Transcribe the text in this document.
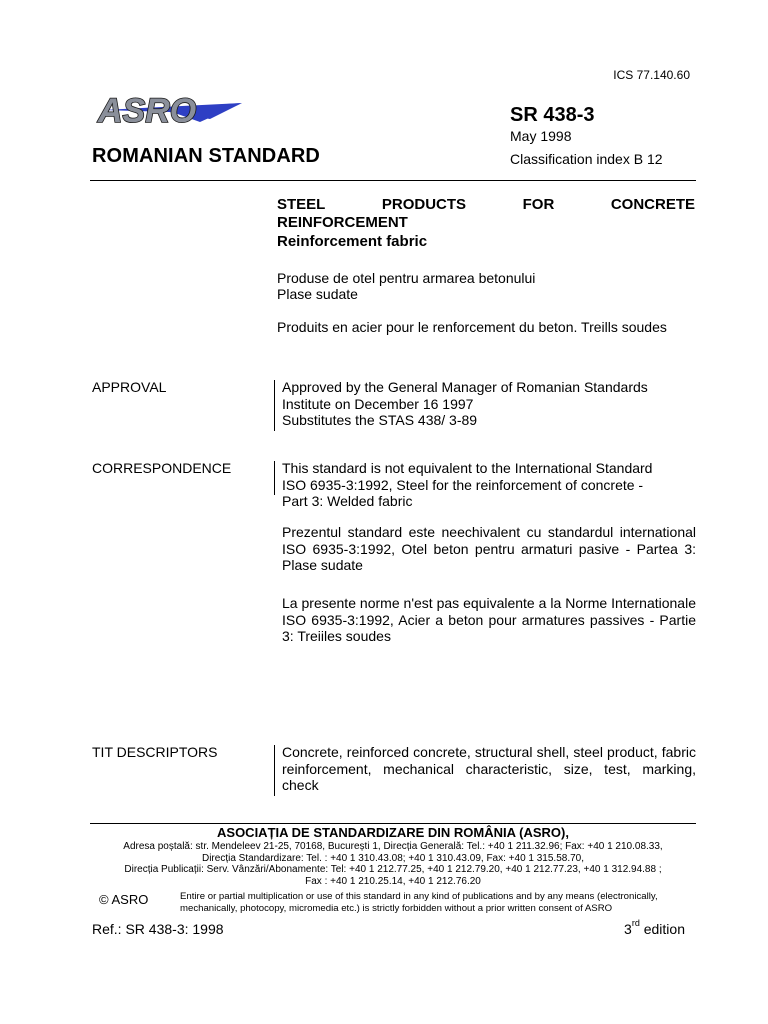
ICS 77.140.60
ASRO	SR 438-3
May 1998
Classification index B 12
ROMANIAN STANDARD
STEEL	PRODUCTS	FOR	CONCRETE
REINFORCEMENT
Reinforcement fabric
Produse de otel pentru armarea betonului
Plase sudate
Produits en acier pour le renforcement du beton. Treills soudes
APPROVAL	Approved by the General Manager of Romanian Standards
Institute on December 16 1997
Substitutes the STAS 438/ 3-89
CORRESPONDENCE	This standard is not equivalent to the International Standard
ISO 6935-3:1992, Steel for the reinforcement of concrete -
Part 3: Welded fabric
Prezentul standard este neechivalent cu standardul international ISO 6935-3:1992, Otel beton pentru armaturi pasive - Partea 3: Plase sudate
La presente norme n'est pas equivalente a la Norme Internationale ISO 6935-3:1992, Acier a beton pour armatures passives - Partie 3: Treiiles soudes
TIT DESCRIPTORS	Concrete, reinforced concrete, structural shell, steel product, fabric reinforcement, mechanical characteristic, size, test, marking, check
ASOCIAȚIA DE STANDARDIZARE DIN ROMÂNIA (ASRO),
Adresa poștală: str. Mendeleev 21-25, 70168, București 1, Direcția Generală: Tel.: +40 1 211.32.96; Fax: +40 1 210.08.33,
Direcția Standardizare: Tel. : +40 1 310.43.08; +40 1 310.43.09, Fax: +40 1 315.58.70,
Direcția Publicații: Serv. Vânzări/Abonamente: Tel: +40 1 212.77.25, +40 1 212.79.20, +40 1 212.77.23, +40 1 312.94.88 ;
Fax : +40 1 210.25.14, +40 1 212.76.20
© ASRO	Entire or partial multiplication or use of this standard in any kind of publications and by any means (electronically,
mechanically, photocopy, micromedia etc.) is strictly forbidden without a prior written consent of ASRO
Ref.: SR 438-3: 1998	3rd edition
